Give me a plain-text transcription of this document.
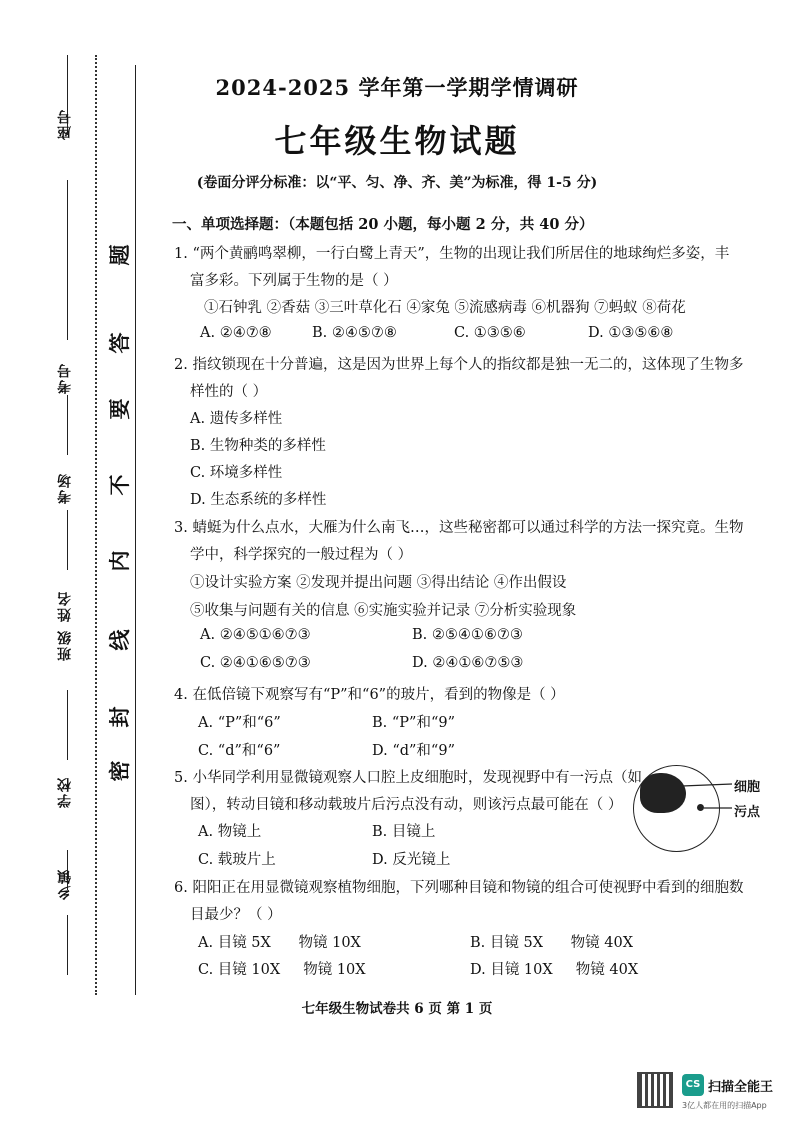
座号
考号
考场
班级 姓名
学校
乡镇
题
答
要
不
内
线
封
密
2024-2025 学年第一学期学情调研
七年级生物试题
(卷面分评分标准：以“平、匀、净、齐、美”为标准，得 1-5 分)
一、单项选择题：（本题包括 20 小题，每小题 2 分，共 40 分）
1. “两个黄鹂鸣翠柳，一行白鹭上青天”，生物的出现让我们所居住的地球绚烂多姿，丰
富多彩。下列属于生物的是（ ）
①石钟乳 ②香菇 ③三叶草化石 ④家兔 ⑤流感病毒 ⑥机器狗 ⑦蚂蚁 ⑧荷花
A. ②④⑦⑧	B. ②④⑤⑦⑧	C. ①③⑤⑥	D. ①③⑤⑥⑧
2. 指纹锁现在十分普遍，这是因为世界上每个人的指纹都是独一无二的，这体现了生物多
样性的（ ）
A. 遗传多样性
B. 生物种类的多样性
C. 环境多样性
D. 生态系统的多样性
3. 蜻蜓为什么点水，大雁为什么南飞…，这些秘密都可以通过科学的方法一探究竟。生物
学中，科学探究的一般过程为（ ）
①设计实验方案 ②发现并提出问题 ③得出结论 ④作出假设
⑤收集与问题有关的信息 ⑥实施实验并记录 ⑦分析实验现象
A. ②④⑤①⑥⑦③	B. ②⑤④①⑥⑦③
C. ②④①⑥⑤⑦③	D. ②④①⑥⑦⑤③
4. 在低倍镜下观察写有“P”和“6”的玻片，看到的物像是（ ）
A. “P”和“6”	B. “P”和“9”
C. “d”和“6”	D. “d”和“9”
5. 小华同学利用显微镜观察人口腔上皮细胞时，发现视野中有一污点（如
图），转动目镜和移动载玻片后污点没有动，则该污点最可能在（ ）
A. 物镜上	B. 目镜上
C. 载玻片上	D. 反光镜上
细胞
污点
6. 阳阳正在用显微镜观察植物细胞，下列哪种目镜和物镜的组合可使视野中看到的细胞数
目最少？（ ）
A. 目镜 5X      物镜 10X	B. 目镜 5X      物镜 40X
C. 目镜 10X     物镜 10X	D. 目镜 10X     物镜 40X
七年级生物试卷共 6 页 第 1 页
CS 扫描全能王
3亿人都在用的扫描App
